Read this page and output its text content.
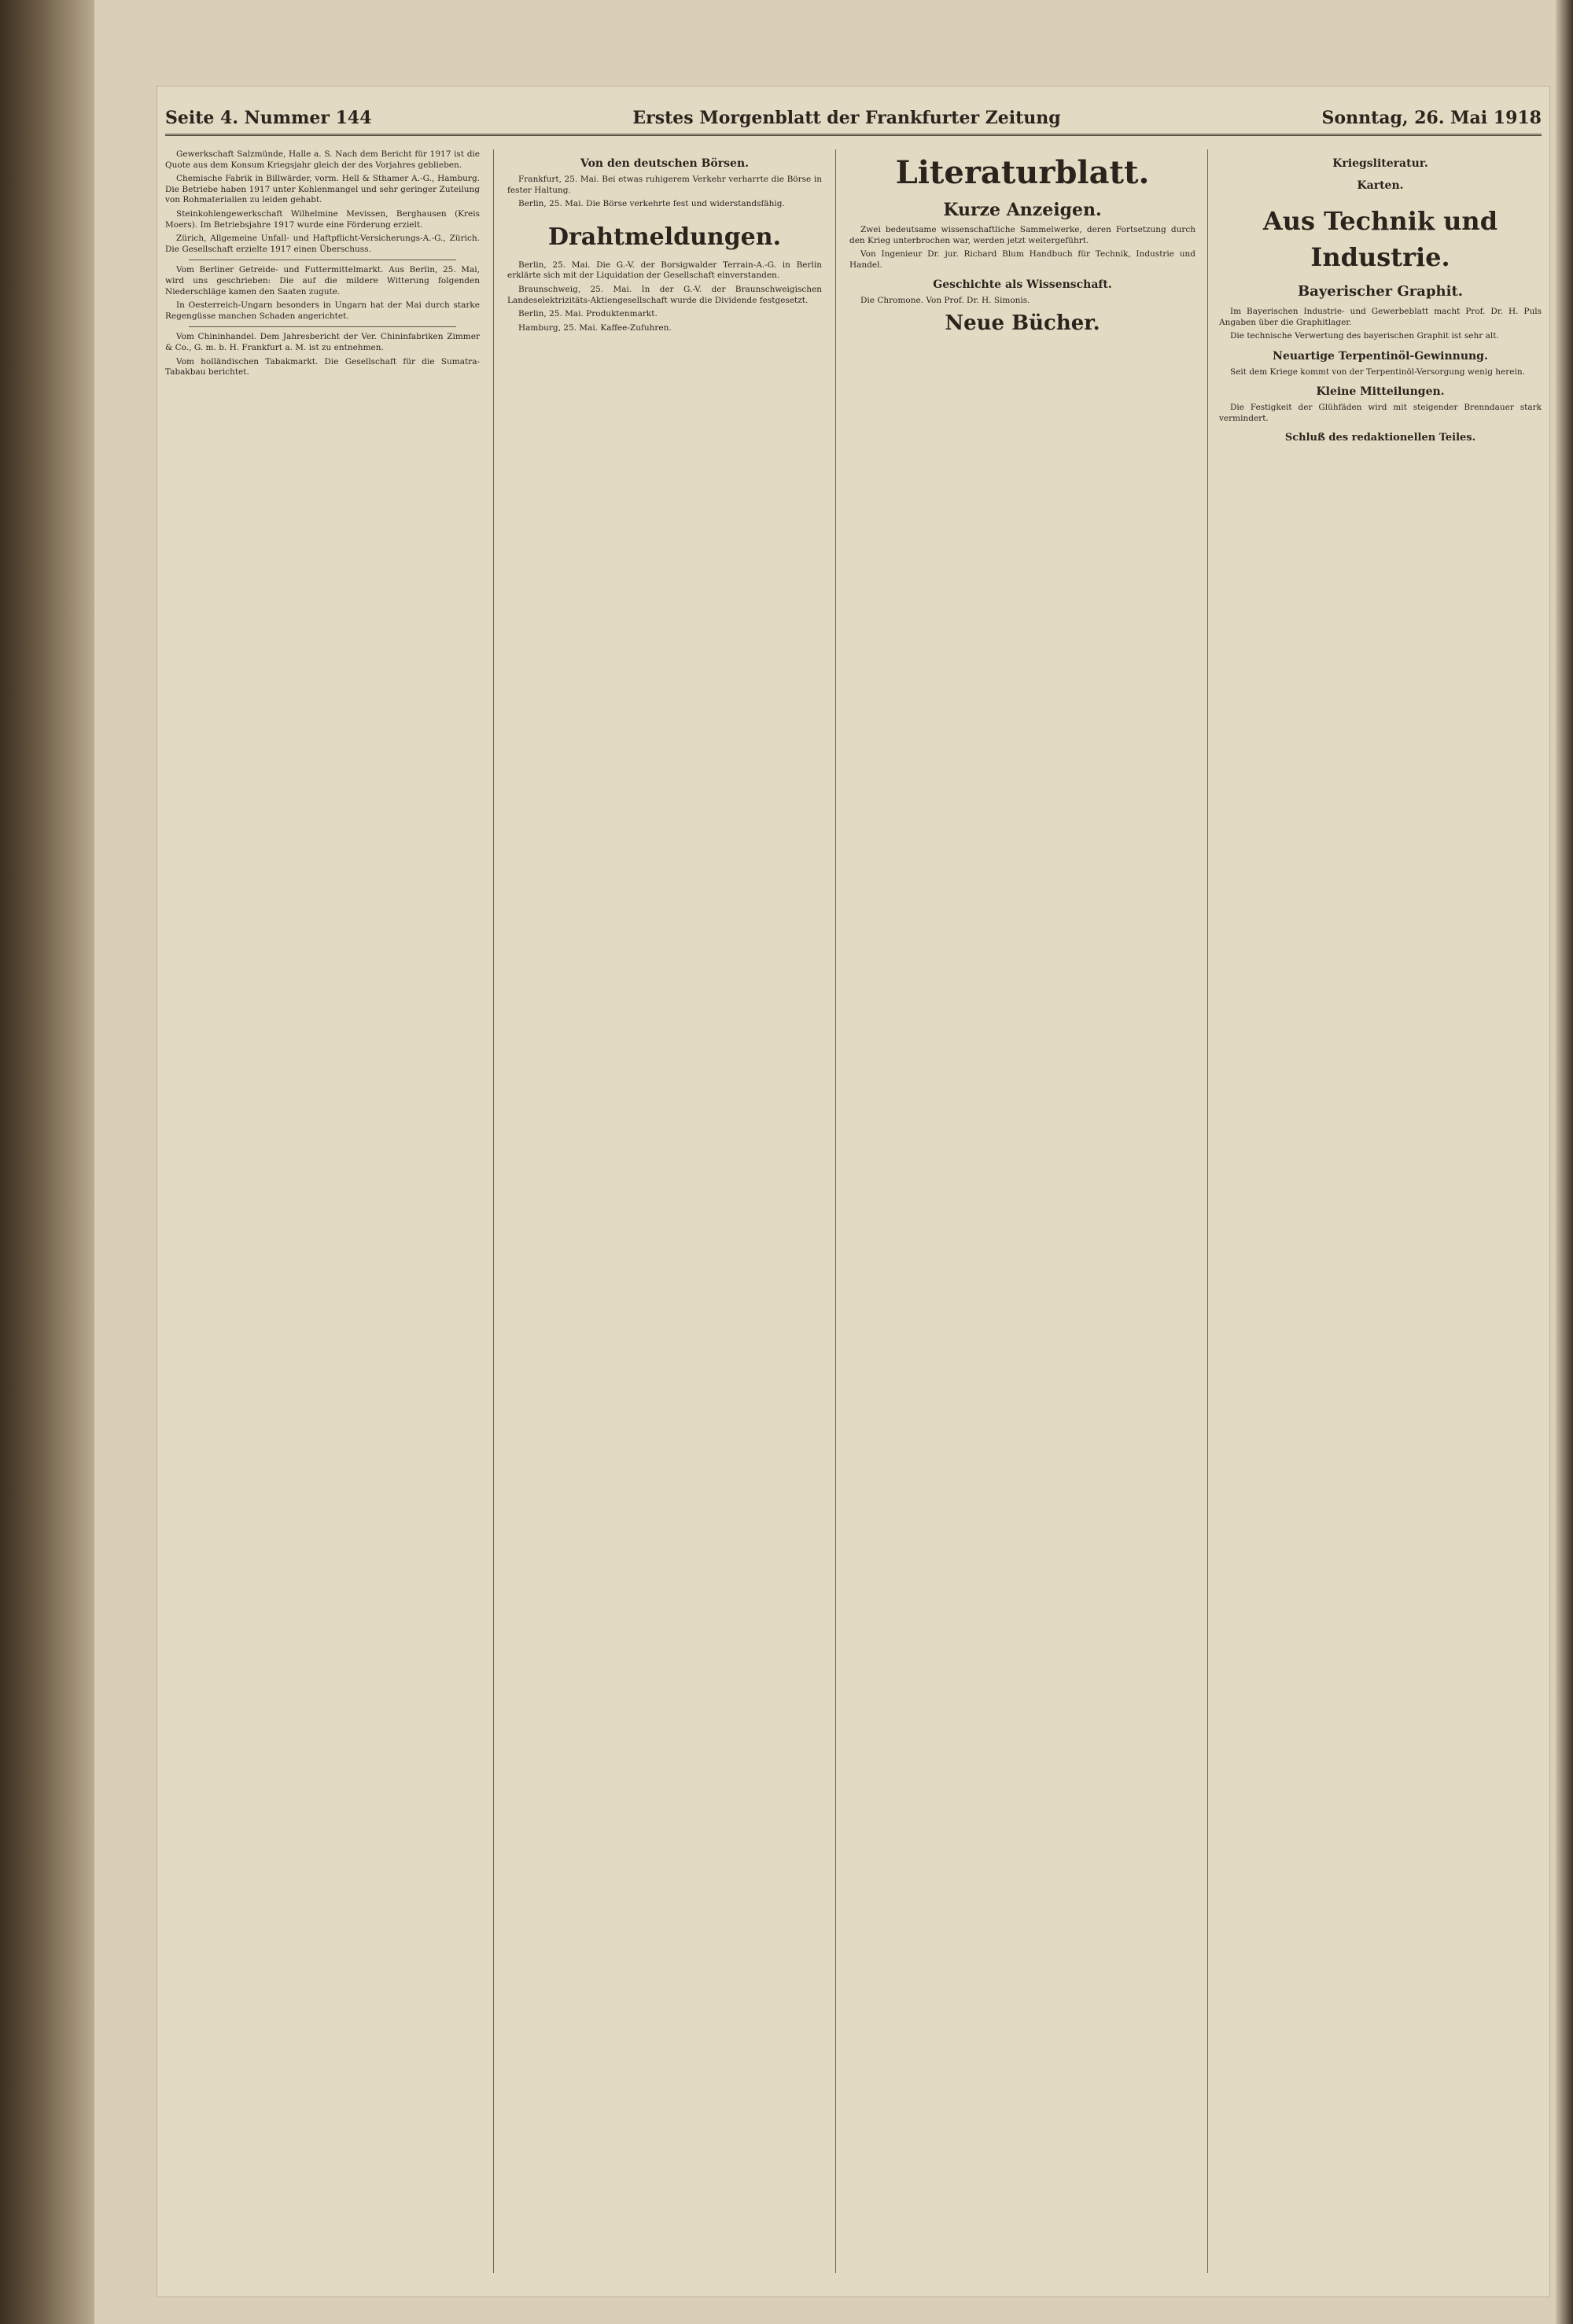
Seite 4. Nummer 144	Erstes Morgenblatt der Frankfurter Zeitung	Sonntag, 26. Mai 1918

Gewerkschaft Salzmünde, Halle a. S. Nach dem Bericht für 1917 ist die Quote aus dem Konsum Kriegsjahr gleich der des Vorjahres geblieben.

Chemische Fabrik in Billwärder, vorm. Hell & Sthamer A.-G., Hamburg. Die Betriebe haben 1917 unter Kohlenmangel und sehr geringer Zuteilung von Rohmaterialien zu leiden gehabt.

Steinkohlengewerkschaft Wilhelmine Mevissen, Berghausen (Kreis Moers). Im Betriebsjahre 1917 wurde eine Förderung erzielt.

Zürich, Allgemeine Unfall- und Haftpflicht-Versicherungs-A.-G., Zürich. Die Gesellschaft erzielte 1917 einen Überschuss.

Vom Berliner Getreide- und Futtermittelmarkt. Aus Berlin, 25. Mai, wird uns geschrieben: Die auf die mildere Witterung folgenden Niederschläge kamen den Saaten zugute.

In Oesterreich-Ungarn besonders in Ungarn hat der Mai durch starke Regengüsse manchen Schaden angerichtet.

Vom Chininhandel. Dem Jahresbericht der Ver. Chininfabriken Zimmer & Co., G. m. b. H. Frankfurt a. M. ist zu entnehmen.

Vom holländischen Tabakmarkt. Die Gesellschaft für die Sumatra-Tabakbau berichtet.

Von den deutschen Börsen.

Frankfurt, 25. Mai. Bei etwas ruhigerem Verkehr verharrte die Börse in fester Haltung.

Berlin, 25. Mai. Die Börse verkehrte fest und widerstandsfähig.

Drahtmeldungen.

Berlin, 25. Mai. Die G.-V. der Borsigwalder Terrain-A.-G. in Berlin erklärte sich mit der Liquidation der Gesellschaft einverstanden.

Braunschweig, 25. Mai. In der G.-V. der Braunschweigischen Landeselektrizitäts-Aktiengesellschaft wurde die Dividende festgesetzt.

Berlin, 25. Mai. Produktenmarkt.

Hamburg, 25. Mai. Kaffee-Zufuhren.

Literaturblatt.
Kurze Anzeigen.

Zwei bedeutsame wissenschaftliche Sammelwerke, deren Fortsetzung durch den Krieg unterbrochen war, werden jetzt weitergeführt.

Von Ingenieur Dr. jur. Richard Blum Handbuch für Technik, Industrie und Handel.

Geschichte als Wissenschaft.

Die Chromone. Von Prof. Dr. H. Simonis.

Neue Bücher.
Kriegsliteratur.
Karten.
Aus Technik und Industrie.
Bayerischer Graphit.

Im Bayerischen Industrie- und Gewerbeblatt macht Prof. Dr. H. Puls Angaben über die Graphitlager.

Die technische Verwertung des bayerischen Graphit ist sehr alt.

Neuartige Terpentinöl-Gewinnung.

Seit dem Kriege kommt von der Terpentinöl-Versorgung wenig herein.

Kleine Mitteilungen.

Die Festigkeit der Glühfäden wird mit steigender Brenndauer stark vermindert.

Schluß des redaktionellen Teiles.
